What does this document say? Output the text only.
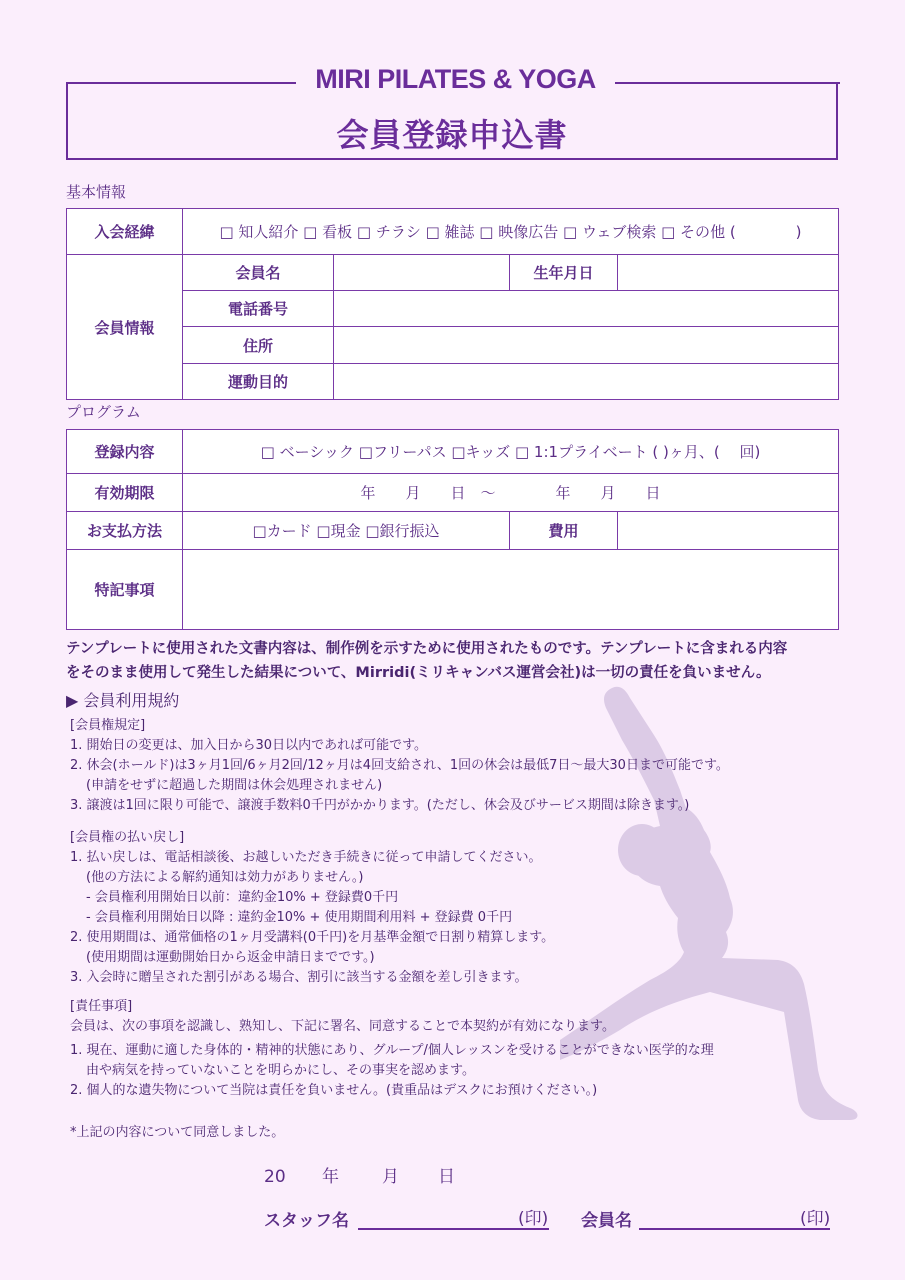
MIRI PILATES & YOGA
会員登録申込書
基本情報
入会経緯	□ 知人紹介 □ 看板 □ チラシ □ 雑誌 □ 映像広告 □ ウェブ検索 □ その他 (　　　　)			
会員情報	会員名		生年月日	
	電話番号			
	住所			
	運動目的			
プログラム
登録内容	□ ベーシック □フリーパス □キッズ □ 1:1プライベート ( )ヶ月、(　 回)		
有効期限	年　　月　　日　～　　　　年　　月　　日		
お支払方法	□カード □現金 □銀行振込	費用	
特記事項			
テンプレートに使用された文書内容は、制作例を示すために使用されたものです。テンプレートに含まれる内容
をそのまま使用して発生した結果について、Mirridi(ミリキャンバス運営会社)は一切の責任を負いません。
▶ 会員利用規約
[会員権規定]
1. 開始日の変更は、加入日から30日以内であれば可能です。
2. 休会(ホールド)は3ヶ月1回/6ヶ月2回/12ヶ月は4回支給され、1回の休会は最低7日～最大30日まで可能です。
(申請をせずに超過した期間は休会処理されません)
3. 譲渡は1回に限り可能で、譲渡手数料0千円がかかります。(ただし、休会及びサービス期間は除きます。)
[会員権の払い戻し]
1. 払い戻しは、電話相談後、お越しいただき手続きに従って申請してください。
(他の方法による解約通知は効力がありません。)
- 会員権利用開始日以前：違約金10% + 登録費0千円
- 会員権利用開始日以降 : 違約金10% + 使用期間利用料 + 登録費 0千円
2. 使用期間は、通常価格の1ヶ月受講料(0千円)を月基準金額で日割り精算します。
(使用期間は運動開始日から返金申請日までです。)
3. 入会時に贈呈された割引がある場合、割引に該当する金額を差し引きます。
[責任事項]
会員は、次の事項を認識し、熟知し、下記に署名、同意することで本契約が有効になります。
1. 現在、運動に適した身体的・精神的状態にあり、グループ/個人レッスンを受けることができない医学的な理
由や病気を持っていないことを明らかにし、その事実を認めます。
2. 個人的な遺失物について当院は責任を負いません。(貴重品はデスクにお預けください。)
*上記の内容について同意しました。
20 年	月 日
スタッフ名	(印) 会員名	(印)
